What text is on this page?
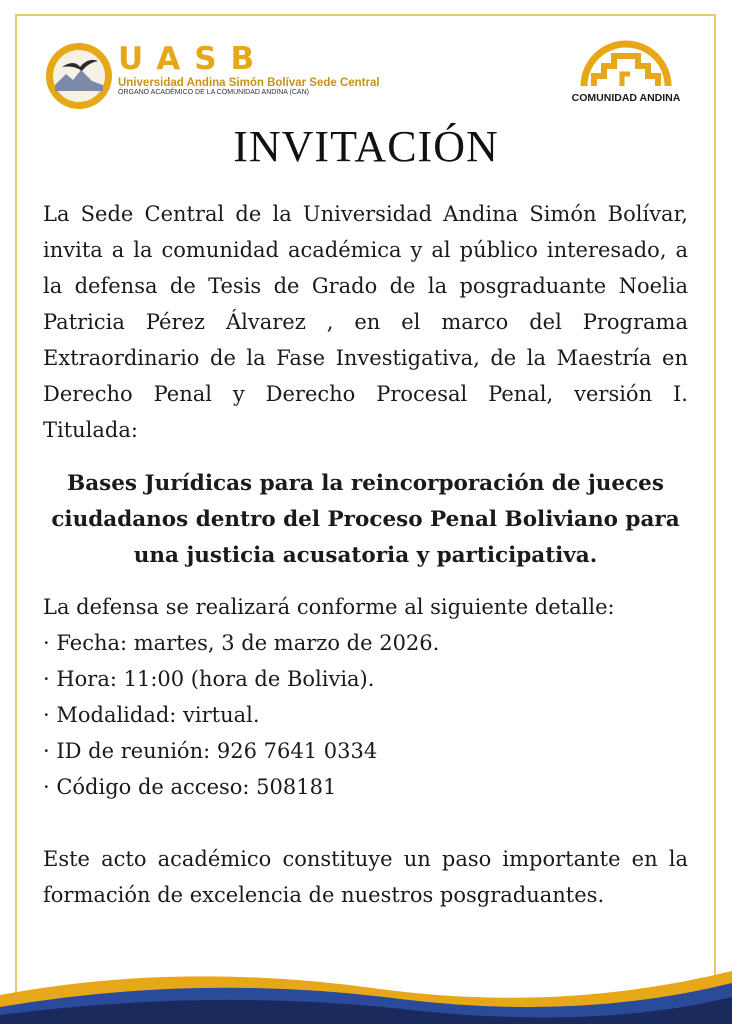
UASB
Universidad Andina Simón Bolívar Sede Central
ÓRGANO ACADÉMICO DE LA COMUNIDAD ANDINA (CAN)	COMUNIDAD ANDINA
INVITACIÓN

La Sede Central de la Universidad Andina Simón Bolívar, invita a la comunidad académica y al público interesado, a la defensa de Tesis de Grado de la posgraduante Noelia Patricia Pérez Álvarez , en el marco del Programa Extraordinario de la Fase Investigativa, de la Maestría en Derecho Penal y Derecho Procesal Penal, versión I. Titulada:

Bases Jurídicas para la reincorporación de jueces ciudadanos dentro del Proceso Penal Boliviano para una justicia acusatoria y participativa.

La defensa se realizará conforme al siguiente detalle:
· Fecha: martes, 3 de marzo de 2026.
· Hora: 11:00 (hora de Bolivia).
· Modalidad: virtual.
· ID de reunión: 926 7641 0334
· Código de acceso: 508181

Este acto académico constituye un paso importante en la formación de excelencia de nuestros posgraduantes.
